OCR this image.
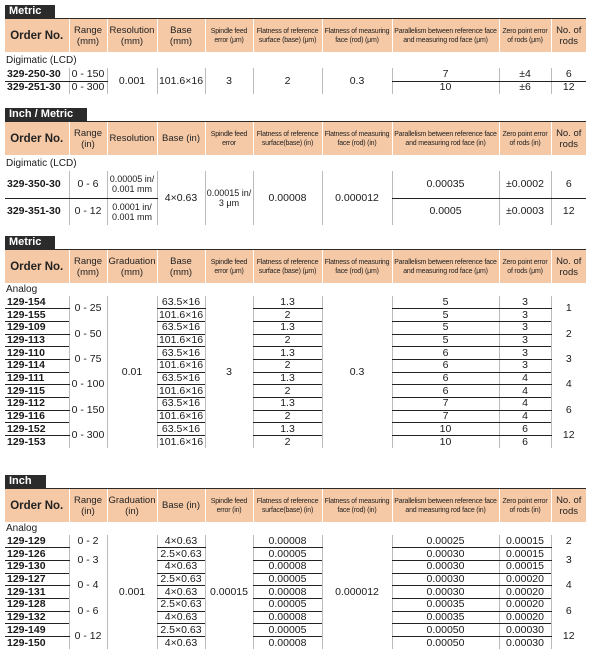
Metric
Order No.	Range (mm)	Resolution (mm)	Base (mm)	Spindle feed error (μm)	Flatness of reference surface (base) (μm)	Flatness of measuring face (rod) (μm)	Parallelism between reference face and measuring rod face (μm)	Zero point error of rods (μm)	No. of rods
Digimatic (LCD)									
329-250-30	0 - 150	0.001	101.6×16	3	2	0.3	7	±4	6
329-251-30	0 - 300						10	±6	12
Inch / Metric
Order No.	Range (in)	Resolution	Base (in)	Spindle feed error	Flatness of reference surface(base) (in)	Flatness of measuring face (rod) (in)	Parallelism between reference face and measuring rod face (in)	Zero point error of rods (in)	No. of rods
Digimatic (LCD)									
329-350-30	0 - 6	0.00005 in/
0.001 mm	4×0.63	0.00015 in/
3 μm	0.00008	0.000012	0.00035	±0.0002	6
329-351-30	0 - 12	0.0001 in/
0.001 mm					0.0005	±0.0003	12
Metric
Order No.	Range (mm)	Graduation (mm)	Base (mm)	Spindle feed error (μm)	Flatness of reference surface (base) (μm)	Flatness of measuring face (rod) (μm)	Parallelism between reference face and measuring rod face (μm)	Zero point error of rods (μm)	No. of rods
Analog									
129-154	0 - 25	0.01	63.5×16	3	1.3	0.3	5	3	1
129-155			101.6×16		2		5	3	
129-109	0 - 50		63.5×16		1.3		5	3	2
129-113			101.6×16		2		5	3	
129-110	0 - 75		63.5×16		1.3		6	3	3
129-114			101.6×16		2		6	3	
129-111	0 - 100		63.5×16		1.3		6	4	4
129-115			101.6×16		2		6	4	
129-112	0 - 150		63.5×16		1.3		7	4	6
129-116			101.6×16		2		7	4	
129-152	0 - 300		63.5×16		1.3		10	6	12
129-153			101.6×16		2		10	6	
Inch
Order No.	Range (in)	Graduation (in)	Base (in)	Spindle feed error (in)	Flatness of reference surface(base) (in)	Flatness of measuring face (rod) (in)	Parallelism between reference face and measuring rod face (in)	Zero point error of rods (in)	No. of rods
Analog									
129-129	0 - 2	0.001	4×0.63	0.00015	0.00008	0.000012	0.00025	0.00015	2
129-126	0 - 3		2.5×0.63		0.00005		0.00030	0.00015	3
129-130			4×0.63		0.00008		0.00030	0.00015	
129-127	0 - 4		2.5×0.63		0.00005		0.00030	0.00020	4
129-131			4×0.63		0.00008		0.00030	0.00020	
129-128	0 - 6		2.5×0.63		0.00005		0.00035	0.00020	6
129-132			4×0.63		0.00008		0.00035	0.00020	
129-149	0 - 12		2.5×0.63		0.00005		0.00050	0.00030	12
129-150			4×0.63		0.00008		0.00050	0.00030	
